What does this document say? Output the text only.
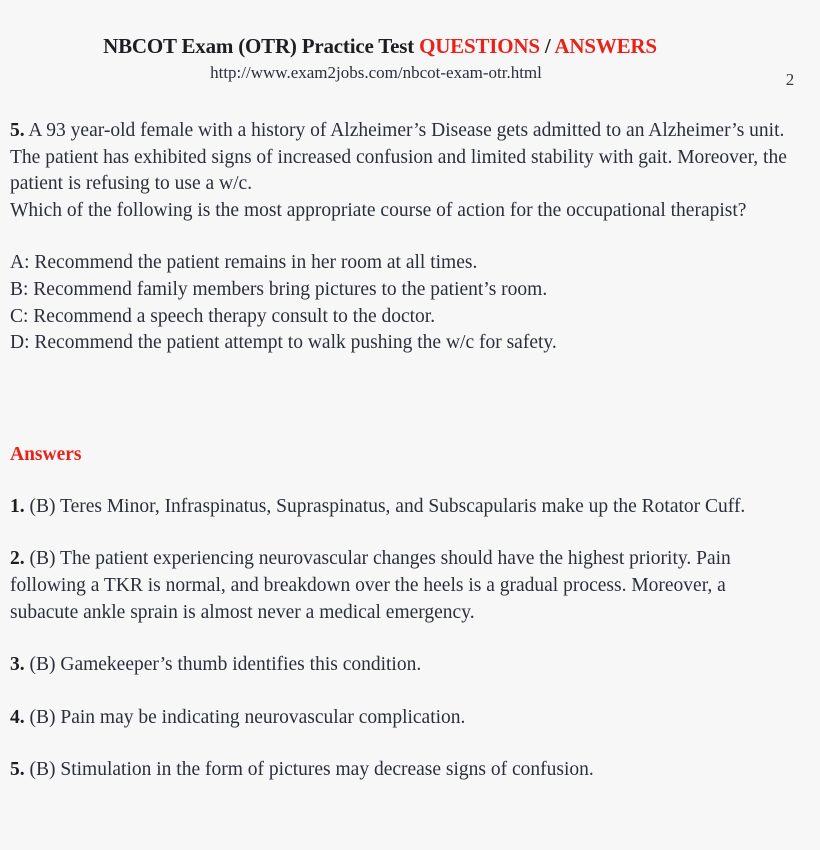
NBCOT Exam (OTR) Practice Test QUESTIONS / ANSWERS
http://www.exam2jobs.com/nbcot-exam-otr.html	2
5. A 93 year-old female with a history of Alzheimer’s Disease gets admitted to an Alzheimer’s unit. The patient has exhibited signs of increased confusion and limited stability with gait. Moreover, the patient is refusing to use a w/c.
Which of the following is the most appropriate course of action for the occupational therapist?
A: Recommend the patient remains in her room at all times.
B: Recommend family members bring pictures to the patient’s room.
C: Recommend a speech therapy consult to the doctor.
D: Recommend the patient attempt to walk pushing the w/c for safety.
Answers
1. (B) Teres Minor, Infraspinatus, Supraspinatus, and Subscapularis make up the Rotator Cuff.
2. (B) The patient experiencing neurovascular changes should have the highest priority. Pain following a TKR is normal, and breakdown over the heels is a gradual process. Moreover, a subacute ankle sprain is almost never a medical emergency.
3. (B) Gamekeeper’s thumb identifies this condition.
4. (B) Pain may be indicating neurovascular complication.
5. (B) Stimulation in the form of pictures may decrease signs of confusion.
